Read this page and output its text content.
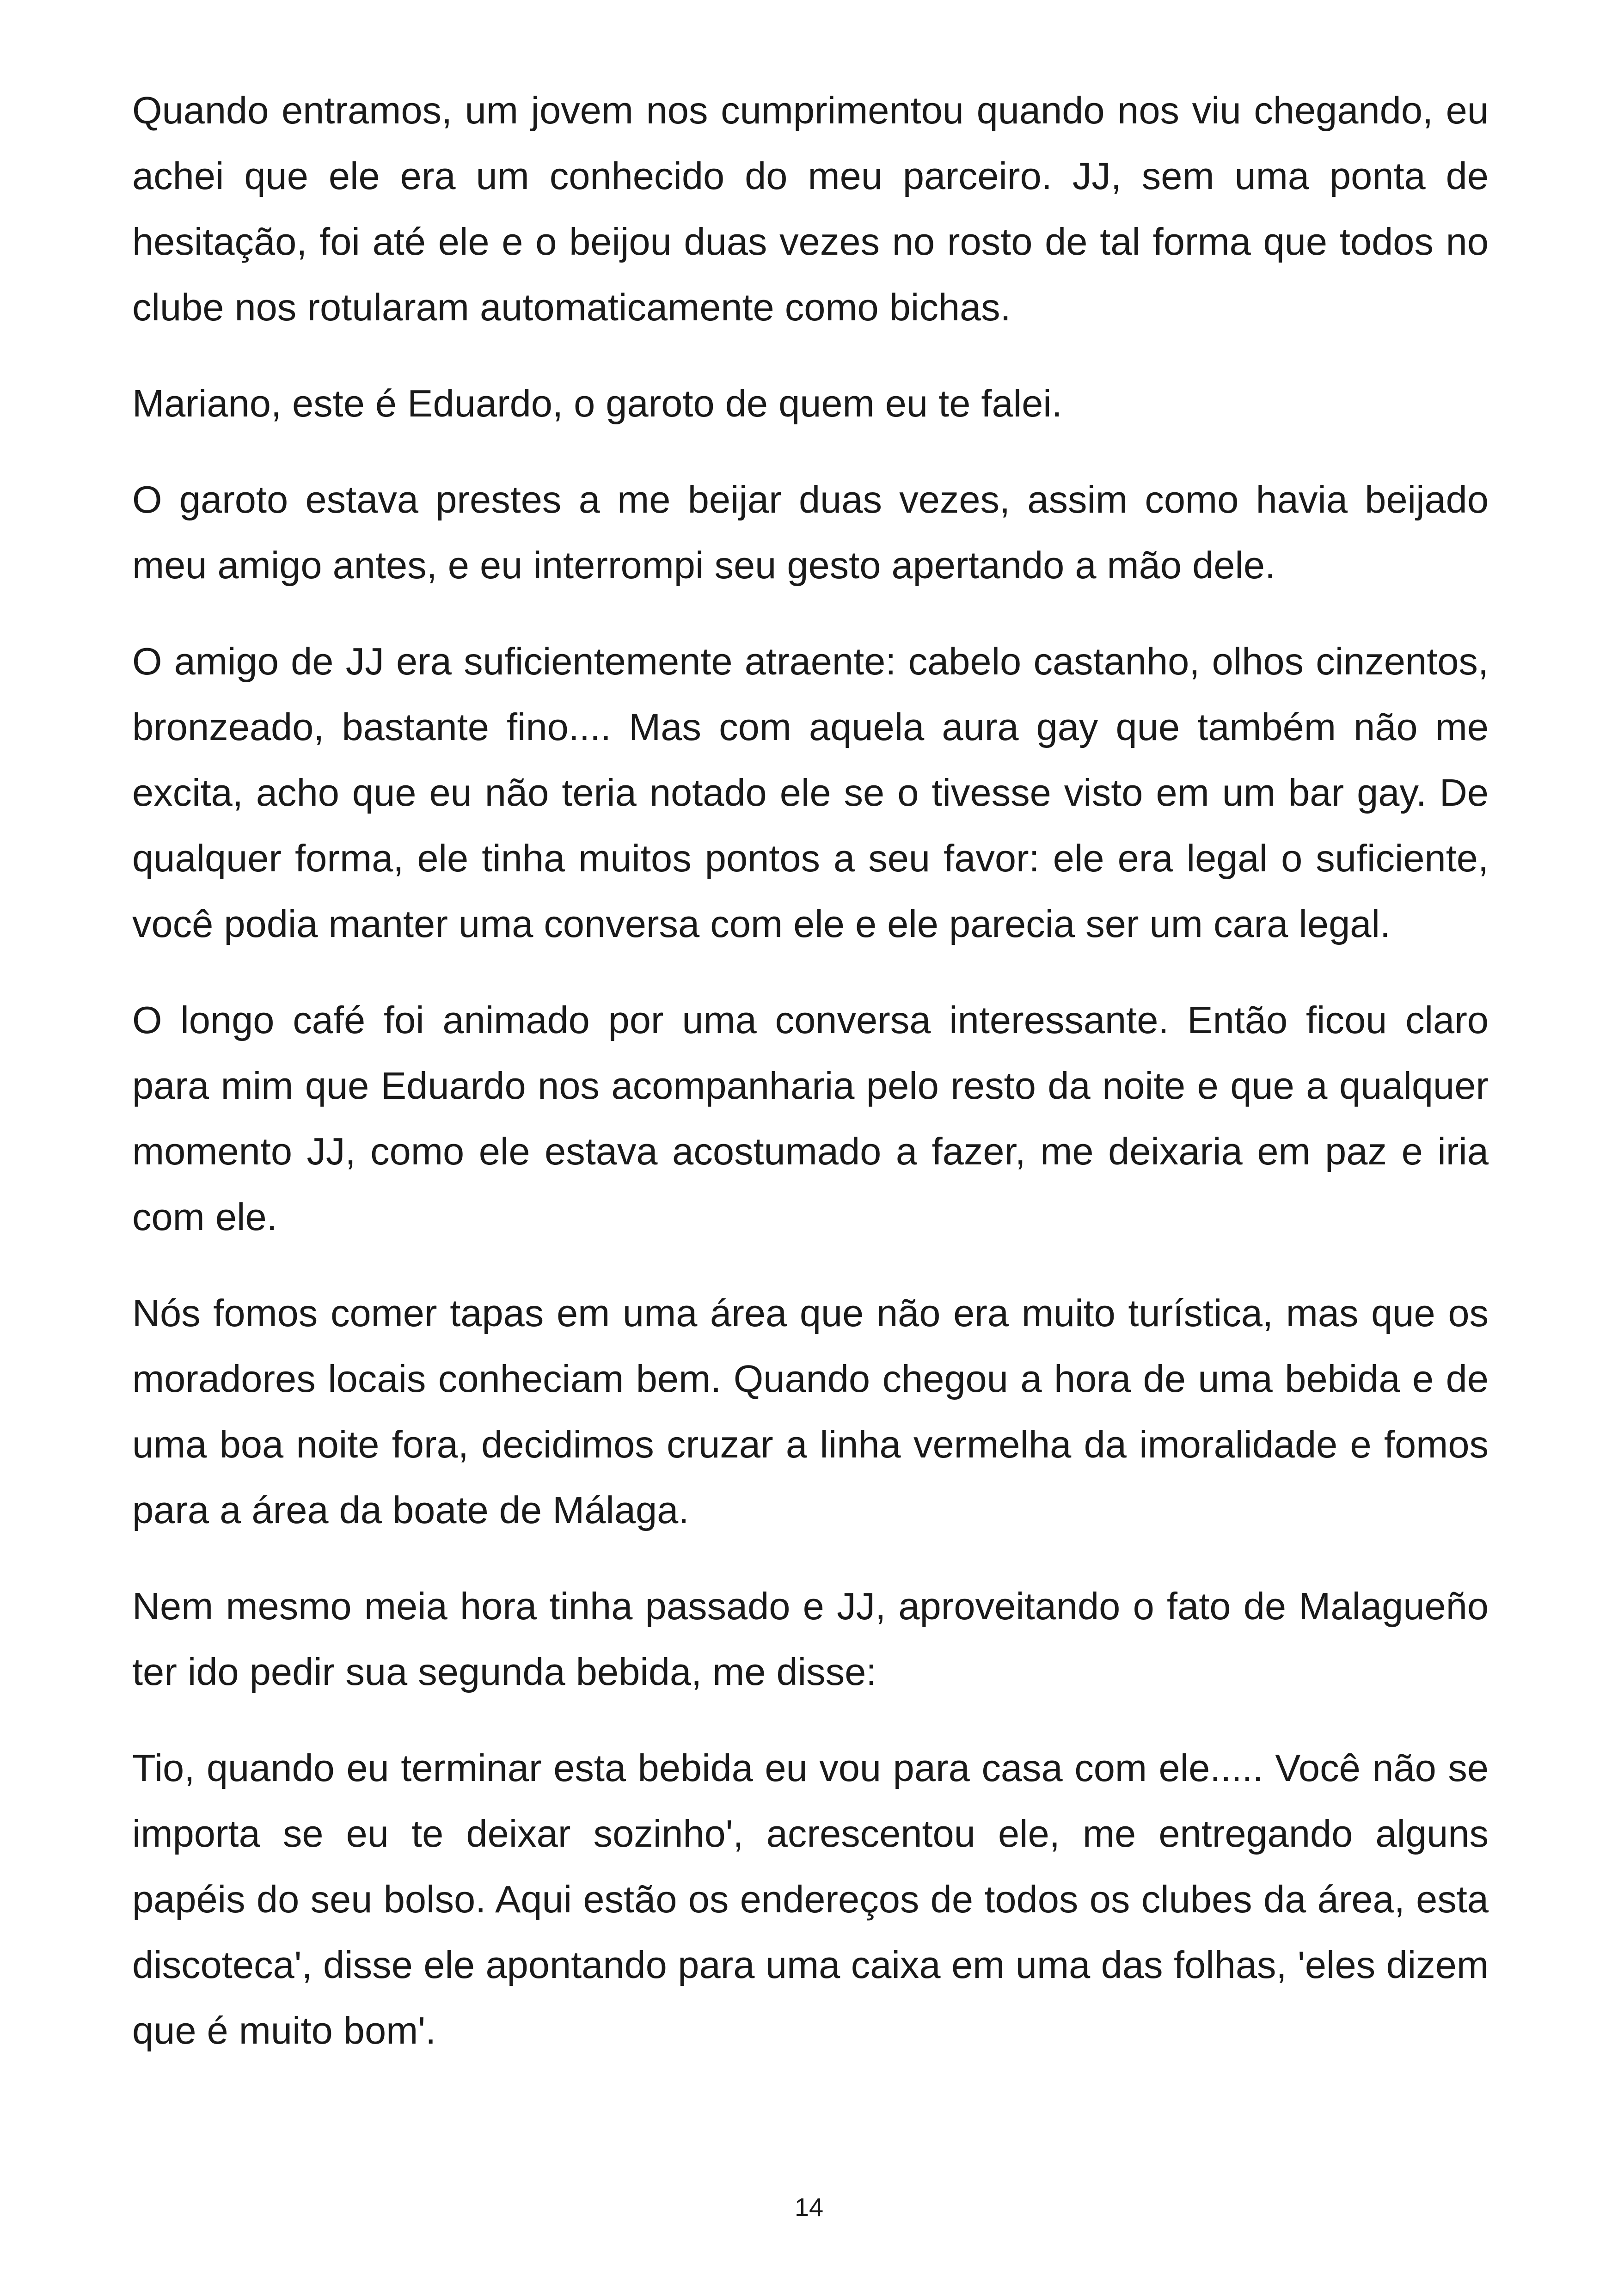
Quando entramos, um jovem nos cumprimentou quando nos viu chegando, eu achei que ele era um conhecido do meu parceiro. JJ, sem uma ponta de hesitação, foi até ele e o beijou duas vezes no rosto de tal forma que todos no clube nos rotularam automaticamente como bichas.

Mariano, este é Eduardo, o garoto de quem eu te falei.

O garoto estava prestes a me beijar duas vezes, assim como havia beijado meu amigo antes, e eu interrompi seu gesto apertando a mão dele.

O amigo de JJ era suficientemente atraente: cabelo castanho, olhos cinzentos, bronzeado, bastante fino.... Mas com aquela aura gay que também não me excita, acho que eu não teria notado ele se o tivesse visto em um bar gay. De qualquer forma, ele tinha muitos pontos a seu favor: ele era legal o suficiente, você podia manter uma conversa com ele e ele parecia ser um cara legal.

O longo café foi animado por uma conversa interessante. Então ficou claro para mim que Eduardo nos acompanharia pelo resto da noite e que a qualquer momento JJ, como ele estava acostumado a fazer, me deixaria em paz e iria com ele.

Nós fomos comer tapas em uma área que não era muito turística, mas que os moradores locais conheciam bem. Quando chegou a hora de uma bebida e de uma boa noite fora, decidimos cruzar a linha vermelha da imoralidade e fomos para a área da boate de Málaga.

Nem mesmo meia hora tinha passado e JJ, aproveitando o fato de Malagueño ter ido pedir sua segunda bebida, me disse:

Tio, quando eu terminar esta bebida eu vou para casa com ele..... Você não se importa se eu te deixar sozinho', acrescentou ele, me entregando alguns papéis do seu bolso. Aqui estão os endereços de todos os clubes da área, esta discoteca', disse ele apontando para uma caixa em uma das folhas, 'eles dizem que é muito bom'.

14
